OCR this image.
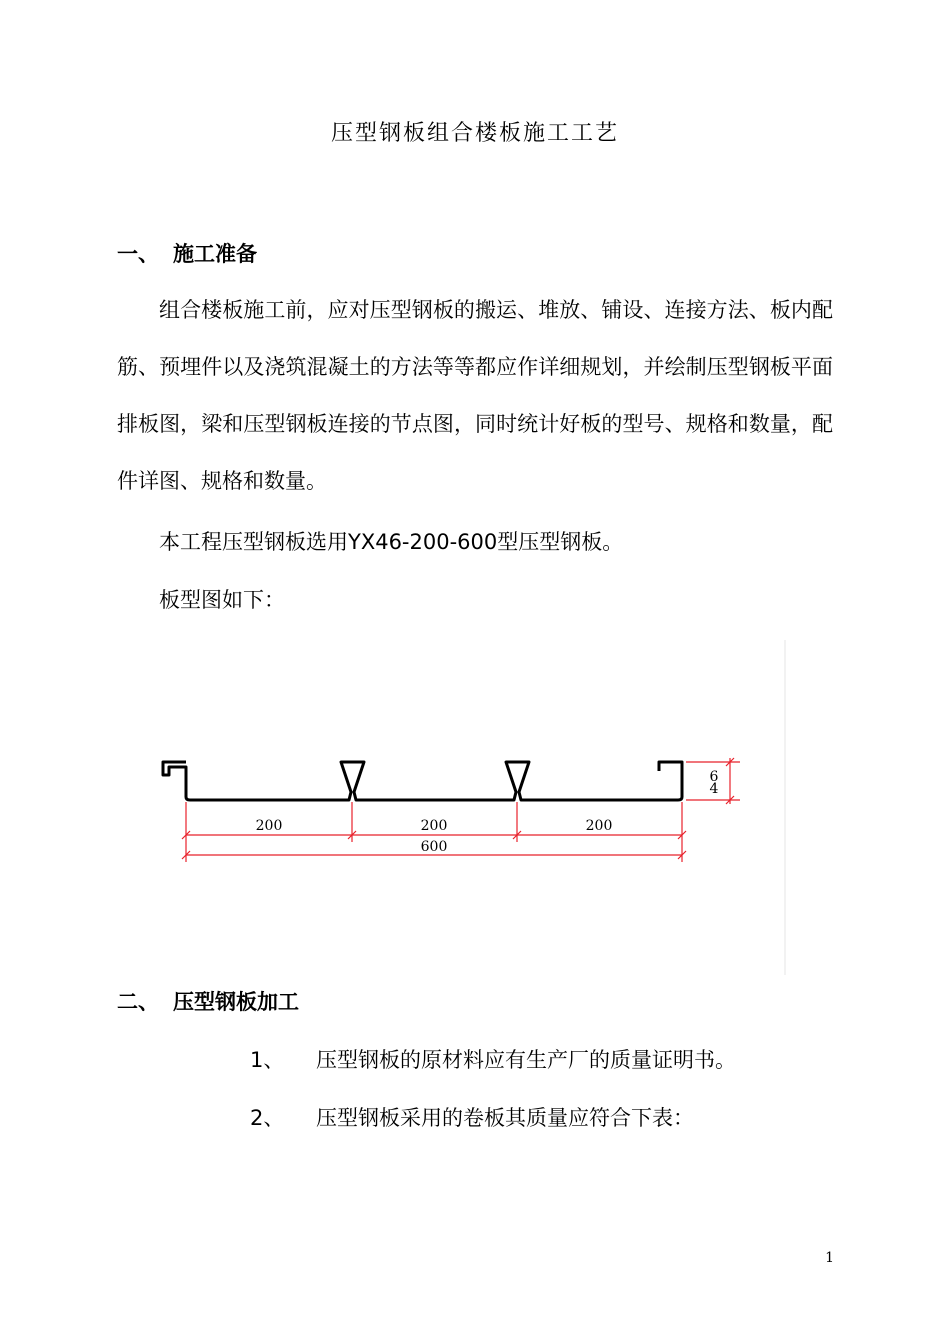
压型钢板组合楼板施工工艺
一、 施工准备

组合楼板施工前，应对压型钢板的搬运、堆放、铺设、连接方法、板内配筋、预埋件以及浇筑混凝土的方法等等都应作详细规划，并绘制压型钢板平面排板图，梁和压型钢板连接的节点图，同时统计好板的型号、规格和数量，配件详图、规格和数量。

本工程压型钢板选用YX46-200-600型压型钢板。
板型图如下：
200	200	200
600
6
4
二、 压型钢板加工
1、 压型钢板的原材料应有生产厂的质量证明书。
2、 压型钢板采用的卷板其质量应符合下表：
1
